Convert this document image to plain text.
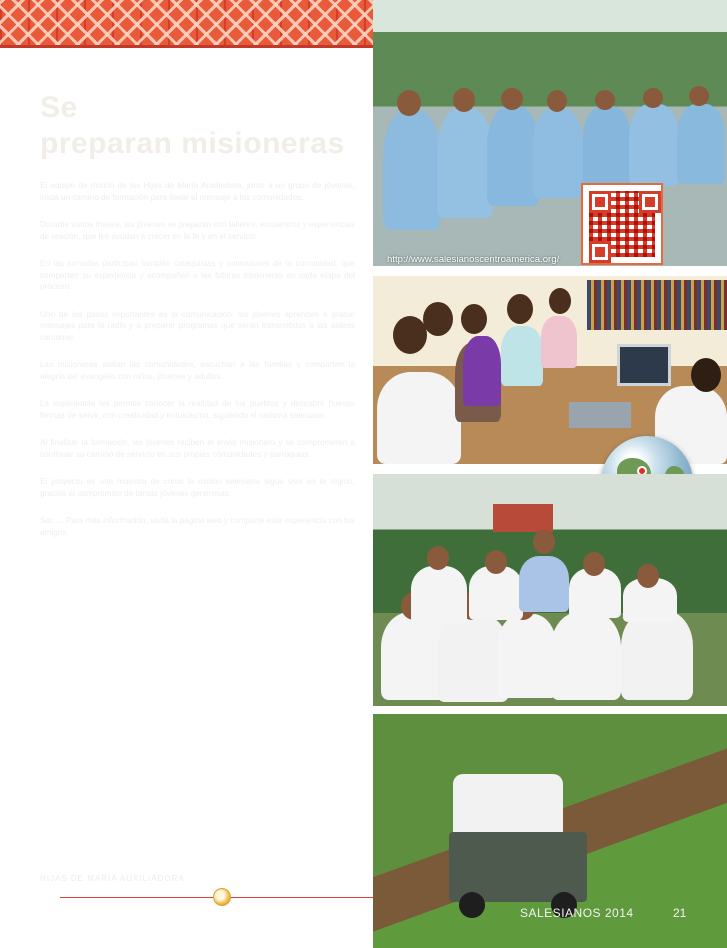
Se
preparan misioneras

El equipo de misión de las Hijas de María Auxiliadora, junto a un grupo de jóvenes, inicia un camino de formación para llevar el mensaje a las comunidades.

Durante varios meses, las jóvenes se preparan con talleres, encuentros y experiencias de oración, que les ayudan a crecer en la fe y en el servicio.

En las jornadas participan también catequistas y animadores de la comunidad, que comparten su experiencia y acompañan a las futuras misioneras en cada etapa del proceso.

Uno de los pasos importantes es la comunicación: las jóvenes aprenden a grabar mensajes para la radio y a preparar programas que serán transmitidos a las aldeas cercanas.

Las misioneras visitan las comunidades, escuchan a las familias y comparten la alegría del evangelio con niños, jóvenes y adultos.

La experiencia les permite conocer la realidad de los pueblos y descubrir nuevas formas de servir, con creatividad y entusiasmo, siguiendo el carisma salesiano.

Al finalizar la formación, las jóvenes reciben el envío misionero y se comprometen a continuar su camino de servicio en sus propias comunidades y parroquias.

El proyecto es una muestra de cómo la misión salesiana sigue viva en la región, gracias al compromiso de tantas jóvenes generosas.

Sor. ... Para más información, visita la página web y comparte esta experiencia con tus amigos.

HIJAS DE MARÍA AUXILIADORA
http://www.salesianoscentroamerica.org/
SALESIANOS 2014	21
